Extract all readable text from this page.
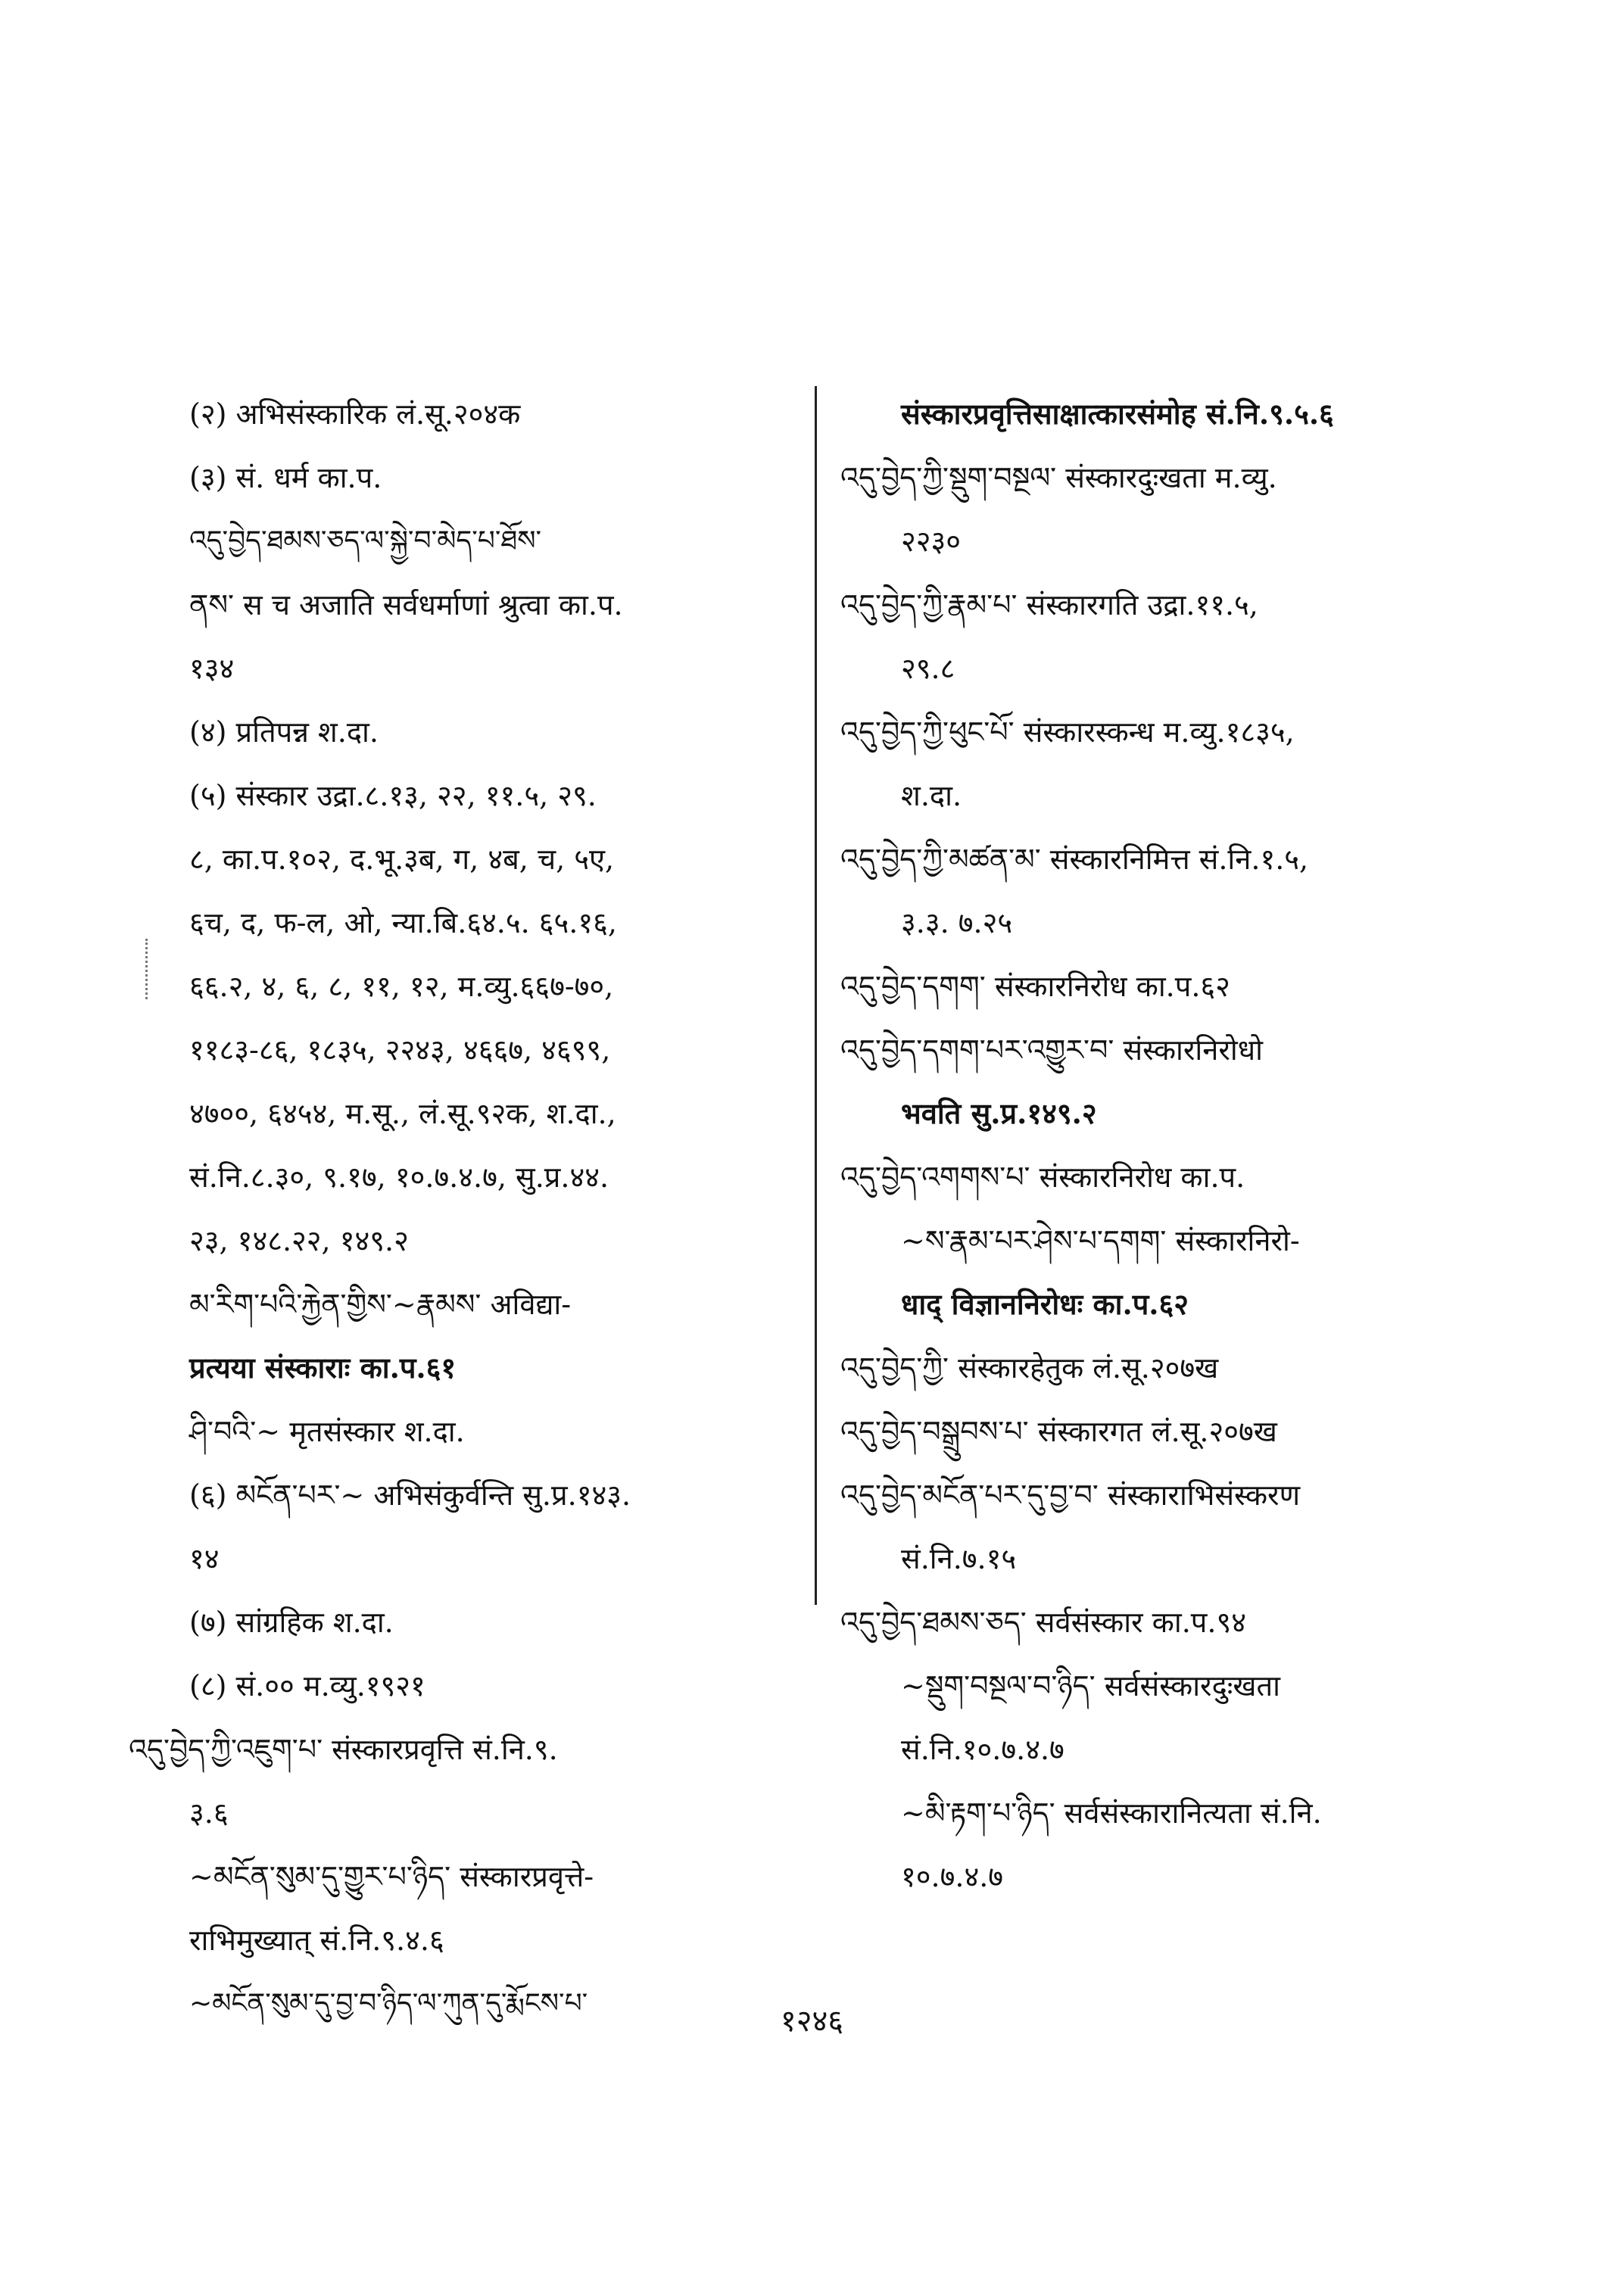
(२) अभिसंस्कारिक लं.सू.२०४क
(३) सं. धर्म का.प.
འདུ་བྱེད་ཐམས་ཅད་ལ་སྐྱེ་བ་མེད་པ་ཐོས་
ནས་ स च अजाति सर्वधर्माणां श्रुत्वा का.प.
१३४
(४) प्रतिपन्न श.दा.
(५) संस्कार उद्रा.८.१३, २२, ११.५, २९.
८, का.प.१०२, द.भू.३ब, ग, ४ब, च, ५ए,
६च, द, फ-ल, ओ, न्या.बि.६४.५. ६५.१६,
६६.२, ४, ६, ८, ११, १२, म.व्यु.६६७-७०,
११८३-८६, १८३५, २२४३, ४६६७, ४६९९,
४७००, ६४५४, म.सू., लं.सू.९२क, श.दा.,
सं.नि.८.३०, ९.१७, १०.७.४.७, सु.प्र.४४.
२३, १४८.२२, १४९.२
མ་རིག་པའི་རྐྱེན་གྱིས་~རྣམས་ अविद्या-
प्रत्यया संस्काराः का.प.६१
ཤི་བའི་~ मृतसंस्कार श.दा.
(६) མངོན་པར་~ अभिसंकुर्वन्ति सु.प्र.१४३.
१४
(७) सांग्रहिक श.दा.
(८) सं.०० म.व्यु.१९२१
འདུ་བྱེད་ཀྱི་འཇུག་པ་ संस्कारप्रवृत्ति सं.नि.९.
३.६
~མངོན་སུམ་དུ་གྱུར་པ་ཉིད་ संस्कारप्रवृत्ते-
राभिमुख्यात् सं.नि.९.४.६
~མངོན་སུམ་དུ་བྱ་བ་ཉིད་ལ་ཀུན་དུ་རྨོངས་པ་
संस्कारप्रवृत्तिसाक्षात्कारसंमोह सं.नि.९.५.६
འདུ་བྱེད་ཀྱི་སྡུག་བསྔལ་ संस्कारदुःखता म.व्यु.
२२३०
འདུ་བྱེད་ཀྱི་རྣམ་པ་ संस्कारगति उद्रा.११.५,
२९.८
འདུ་བྱེད་ཀྱི་ཕུང་པོ་ संस्कारस्कन्ध म.व्यु.१८३५,
श.दा.
འདུ་བྱེད་ཀྱི་མཚན་མ་ संस्कारनिमित्त सं.नि.१.५,
३.३. ७.२५
འདུ་བྱེད་དགག་ संस्कारनिरोध का.प.६२
འདུ་བྱེད་དགག་པར་འགྱུར་བ་ संस्कारनिरोधो
भवति सु.प्र.१४९.२
འདུ་བྱེད་འགགས་པ་ संस्कारनिरोध का.प.
~ས་རྣམ་པར་ཤེས་པ་དགག་ संस्कारनिरो-
धाद् विज्ञाननिरोधः का.प.६२
འདུ་བྱེད་ཀྱི་ संस्कारहेतुक लं.सू.२०७ख
འདུ་བྱེད་བསྒྲུབས་པ་ संस्कारगत लं.सू.२०७ख
འདུ་བྱེད་མངོན་པར་དུ་བྱ་བ་ संस्काराभिसंस्करण
सं.नि.७.१५
འདུ་བྱེད་ཐམས་ཅད་ सर्वसंस्कार का.प.९४
~སྡུག་བསྔལ་བ་ཉིད་ सर्वसंस्कारदुःखता
सं.नि.१०.७.४.७
~མི་རྟག་པ་ཉིད་ सर्वसंस्कारानित्यता सं.नि.
१०.७.४.७
१२४६
